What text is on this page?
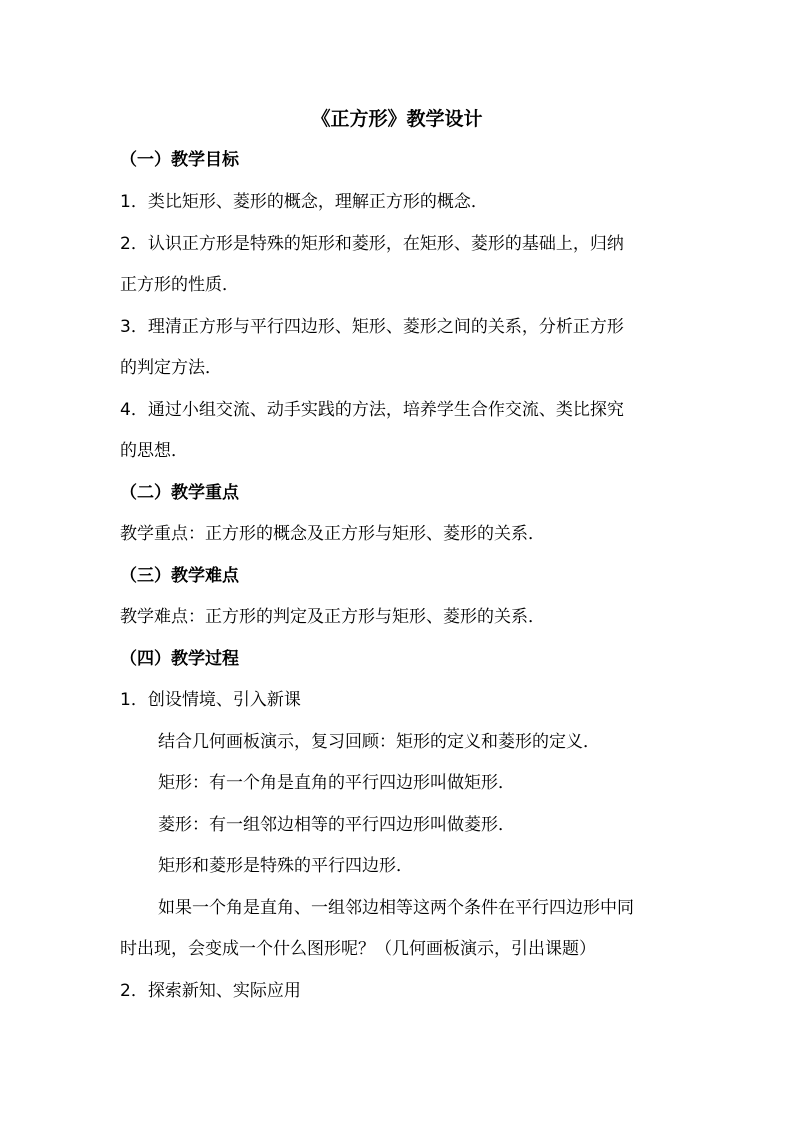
《正方形》教学设计
（一）教学目标
1．类比矩形、菱形的概念，理解正方形的概念．
2．认识正方形是特殊的矩形和菱形，在矩形、菱形的基础上，归纳
正方形的性质．
3．理清正方形与平行四边形、矩形、菱形之间的关系，分析正方形
的判定方法．
4．通过小组交流、动手实践的方法，培养学生合作交流、类比探究
的思想．
（二）教学重点
教学重点：正方形的概念及正方形与矩形、菱形的关系．
（三）教学难点
教学难点：正方形的判定及正方形与矩形、菱形的关系．
（四）教学过程
1．创设情境、引入新课
结合几何画板演示，复习回顾：矩形的定义和菱形的定义．
矩形：有一个角是直角的平行四边形叫做矩形．
菱形：有一组邻边相等的平行四边形叫做菱形．
矩形和菱形是特殊的平行四边形．
如果一个角是直角、一组邻边相等这两个条件在平行四边形中同
时出现，会变成一个什么图形呢？（几何画板演示，引出课题）
2．探索新知、实际应用
